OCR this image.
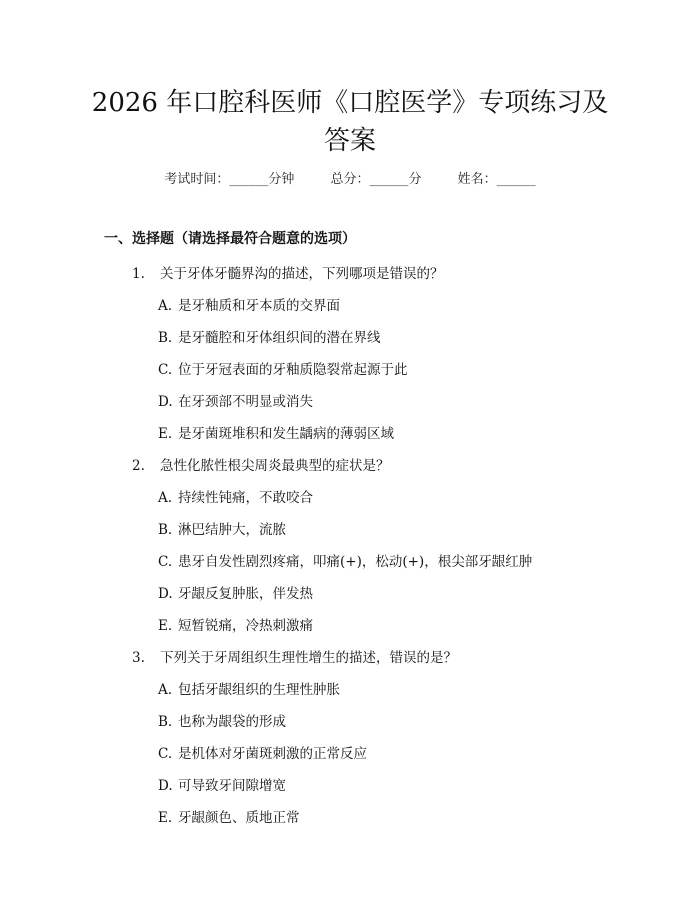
2026 年口腔科医师《口腔医学》专项练习及
答案
考试时间：______分钟	总分：______分	姓名：______
一、选择题（请选择最符合题意的选项）
1. 关于牙体牙髓界沟的描述，下列哪项是错误的？
A. 是牙釉质和牙本质的交界面
B. 是牙髓腔和牙体组织间的潜在界线
C. 位于牙冠表面的牙釉质隐裂常起源于此
D. 在牙颈部不明显或消失
E. 是牙菌斑堆积和发生龋病的薄弱区域
2. 急性化脓性根尖周炎最典型的症状是？
A. 持续性钝痛，不敢咬合
B. 淋巴结肿大，流脓
C. 患牙自发性剧烈疼痛，叩痛(+)，松动(+)，根尖部牙龈红肿
D. 牙龈反复肿胀，伴发热
E. 短暂锐痛，冷热刺激痛
3. 下列关于牙周组织生理性增生的描述，错误的是？
A. 包括牙龈组织的生理性肿胀
B. 也称为龈袋的形成
C. 是机体对牙菌斑刺激的正常反应
D. 可导致牙间隙增宽
E. 牙龈颜色、质地正常
